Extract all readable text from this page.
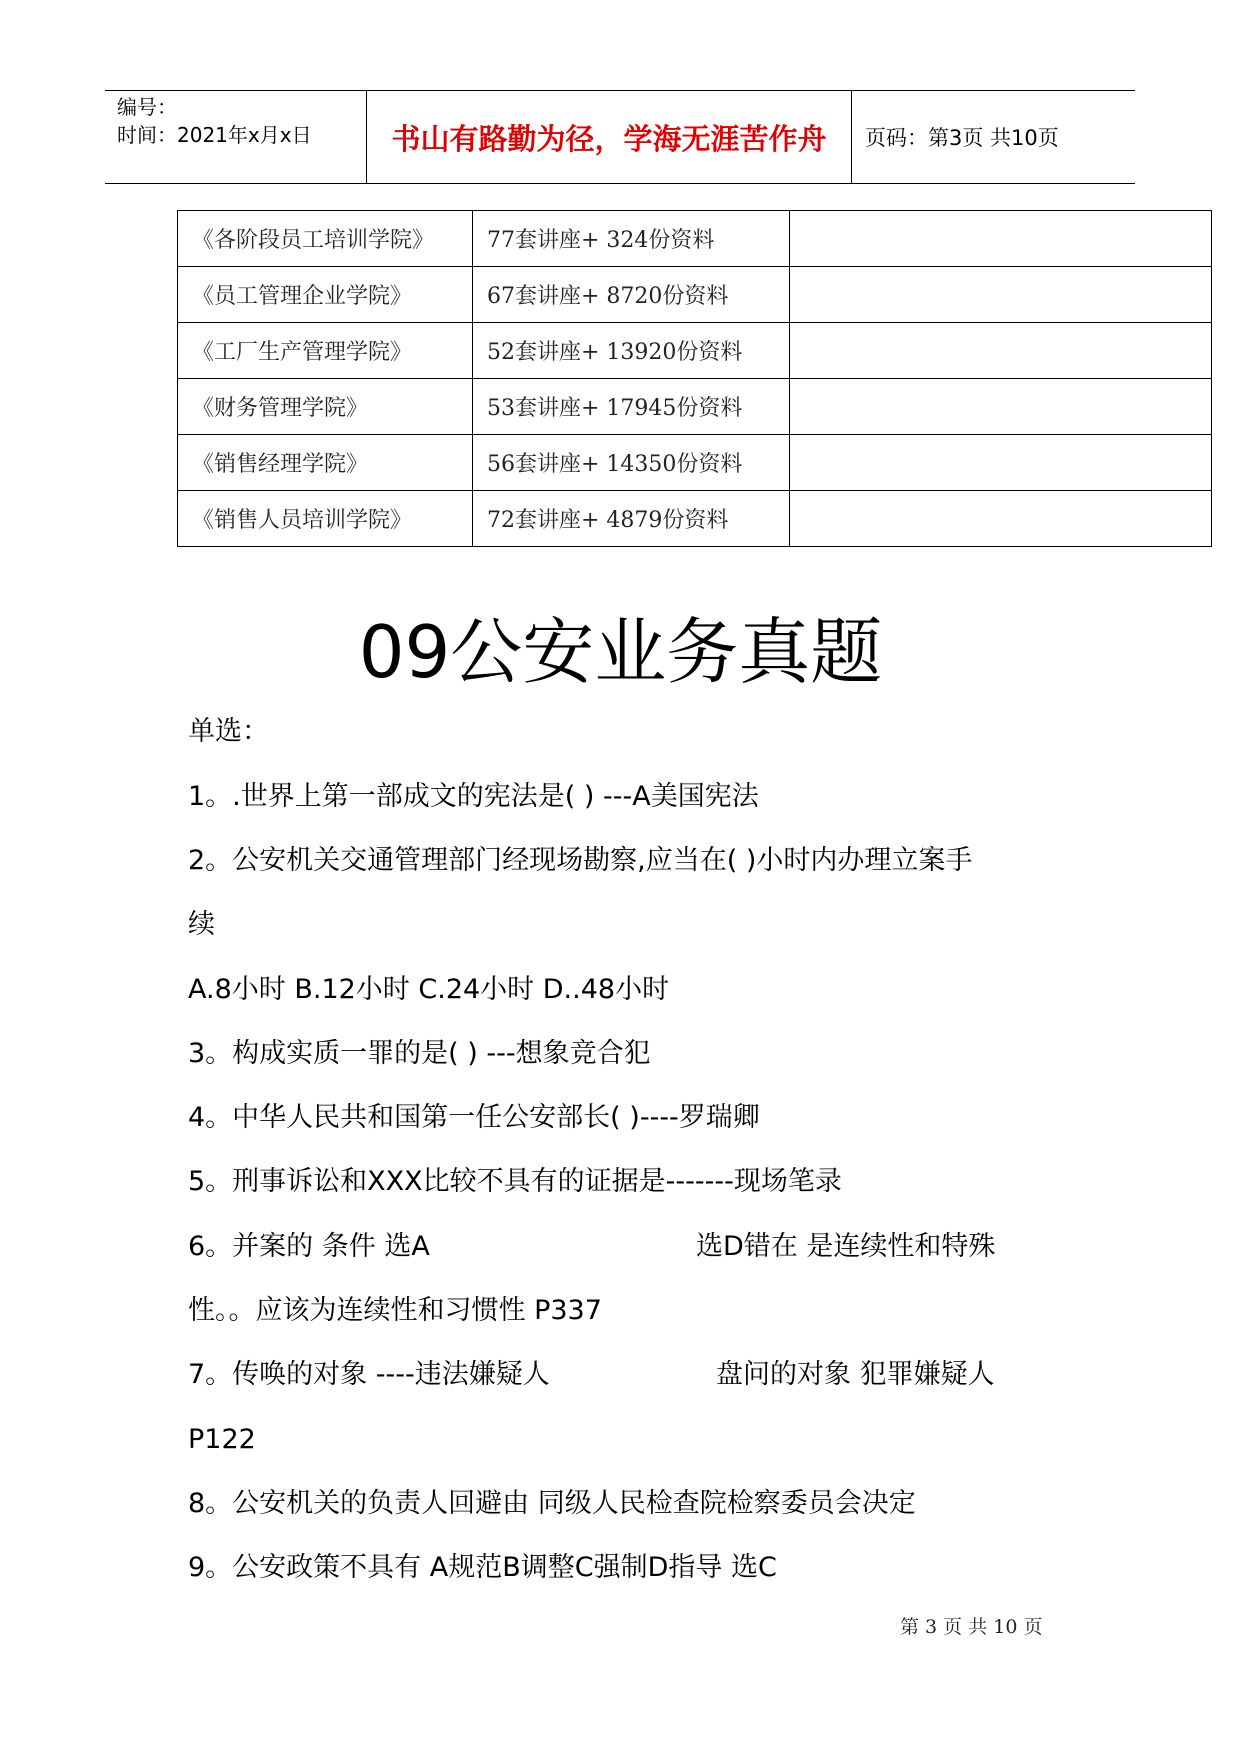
编号：
时间：2021年x月x日	书山有路勤为径，学海无涯苦作舟	页码：第3页 共10页
《各阶段员工培训学院》	77套讲座+ 324份资料	
《员工管理企业学院》	67套讲座+ 8720份资料	
《工厂生产管理学院》	52套讲座+ 13920份资料	
《财务管理学院》	53套讲座+ 17945份资料	
《销售经理学院》	56套讲座+ 14350份资料	
《销售人员培训学院》	72套讲座+ 4879份资料	
09公安业务真题
单选：
1。.世界上第一部成文的宪法是( ) ---A美国宪法
2。公安机关交通管理部门经现场勘察,应当在( )小时内办理立案手
续
A.8小时 B.12小时 C.24小时 D..48小时
3。构成实质一罪的是( ) ---想象竞合犯
4。中华人民共和国第一任公安部长( )----罗瑞卿
5。刑事诉讼和XXX比较不具有的证据是-------现场笔录
6。并案的 条件 选A	选D错在 是连续性和特殊
性。。应该为连续性和习惯性 P337
7。传唤的对象 ----违法嫌疑人	盘问的对象 犯罪嫌疑人
P122
8。公安机关的负责人回避由 同级人民检查院检察委员会决定
9。公安政策不具有 A规范B调整C强制D指导 选C
第 3 页 共 10 页
